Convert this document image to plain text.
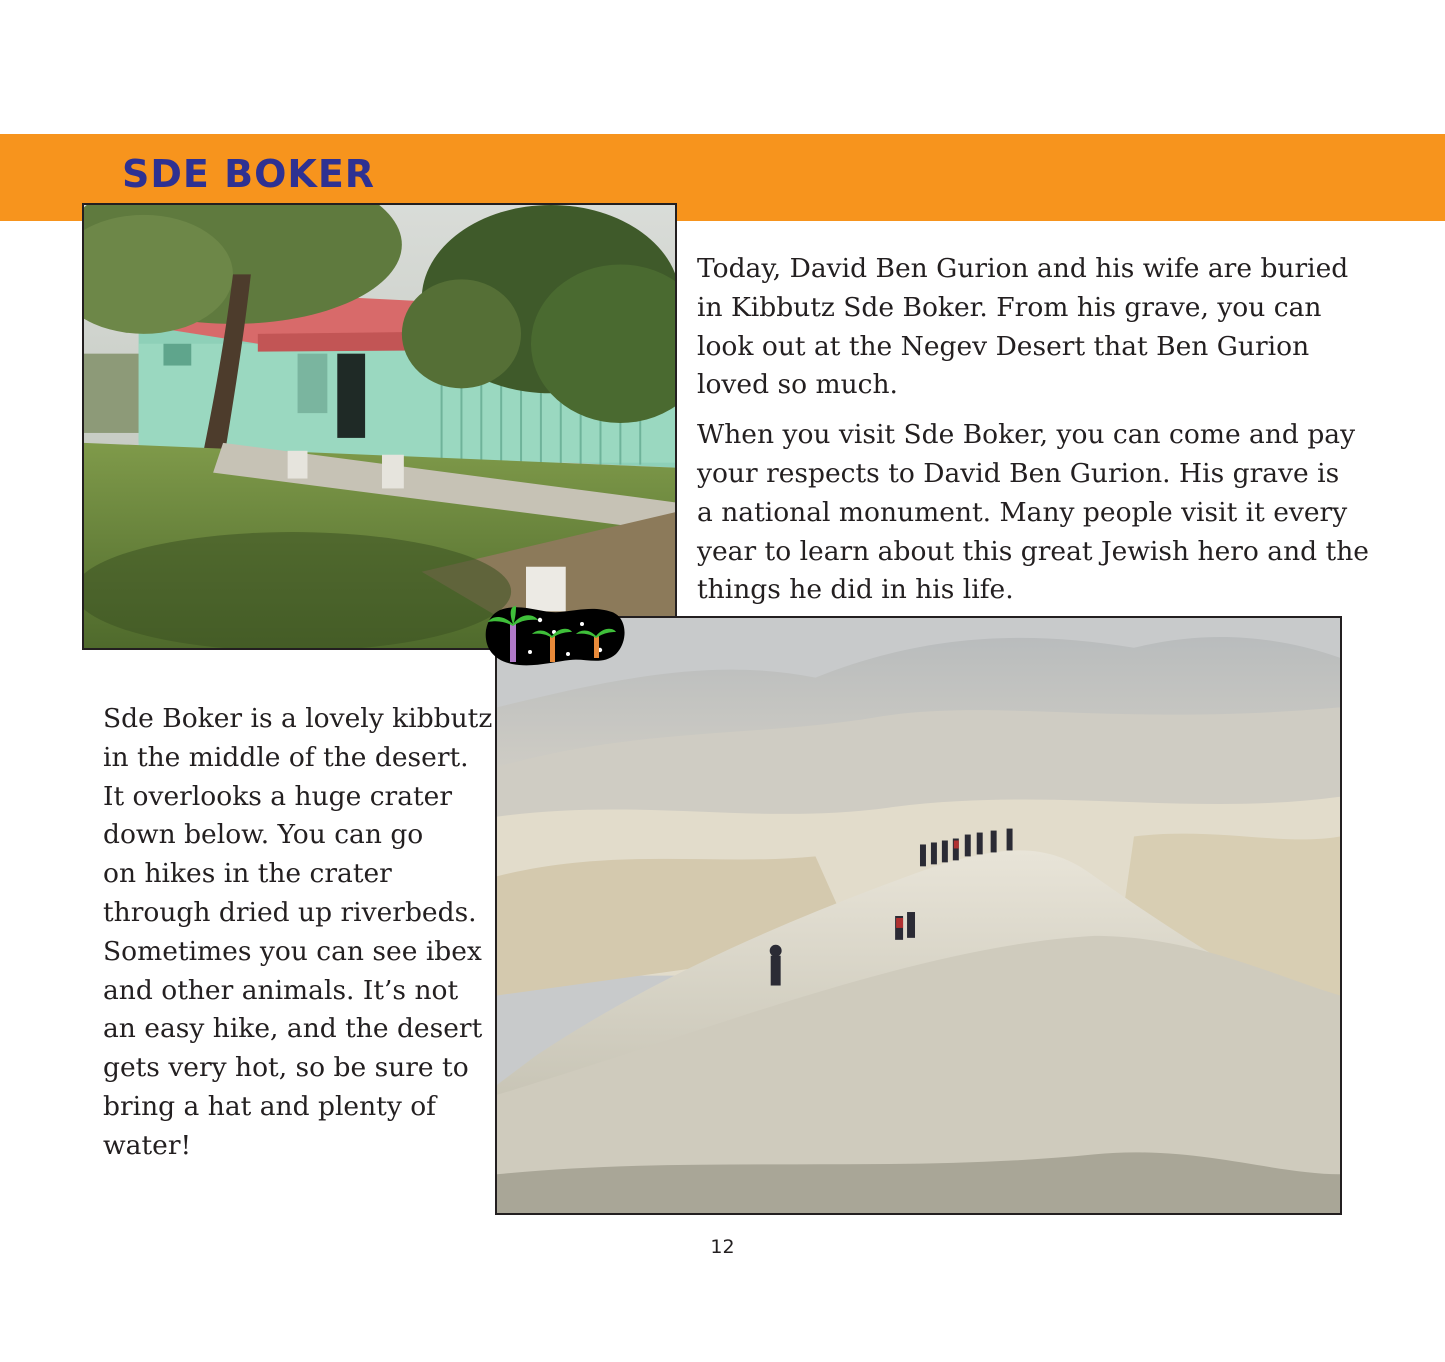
SDE BOKER

Today, David Ben Gurion and his wife are buried
in Kibbutz Sde Boker. From his grave, you can
look out at the Negev Desert that Ben Gurion
loved so much.

When you visit Sde Boker, you can come and pay
your respects to David Ben Gurion. His grave is
a national monument. Many people visit it every
year to learn about this great Jewish hero and the
things he did in his life.

Sde Boker is a lovely kibbutz
in the middle of the desert.
It overlooks a huge crater
down below. You can go
on hikes in the crater
through dried up riverbeds.
Sometimes you can see ibex
and other animals. It’s not
an easy hike, and the desert
gets very hot, so be sure to
bring a hat and plenty of
water!

12
